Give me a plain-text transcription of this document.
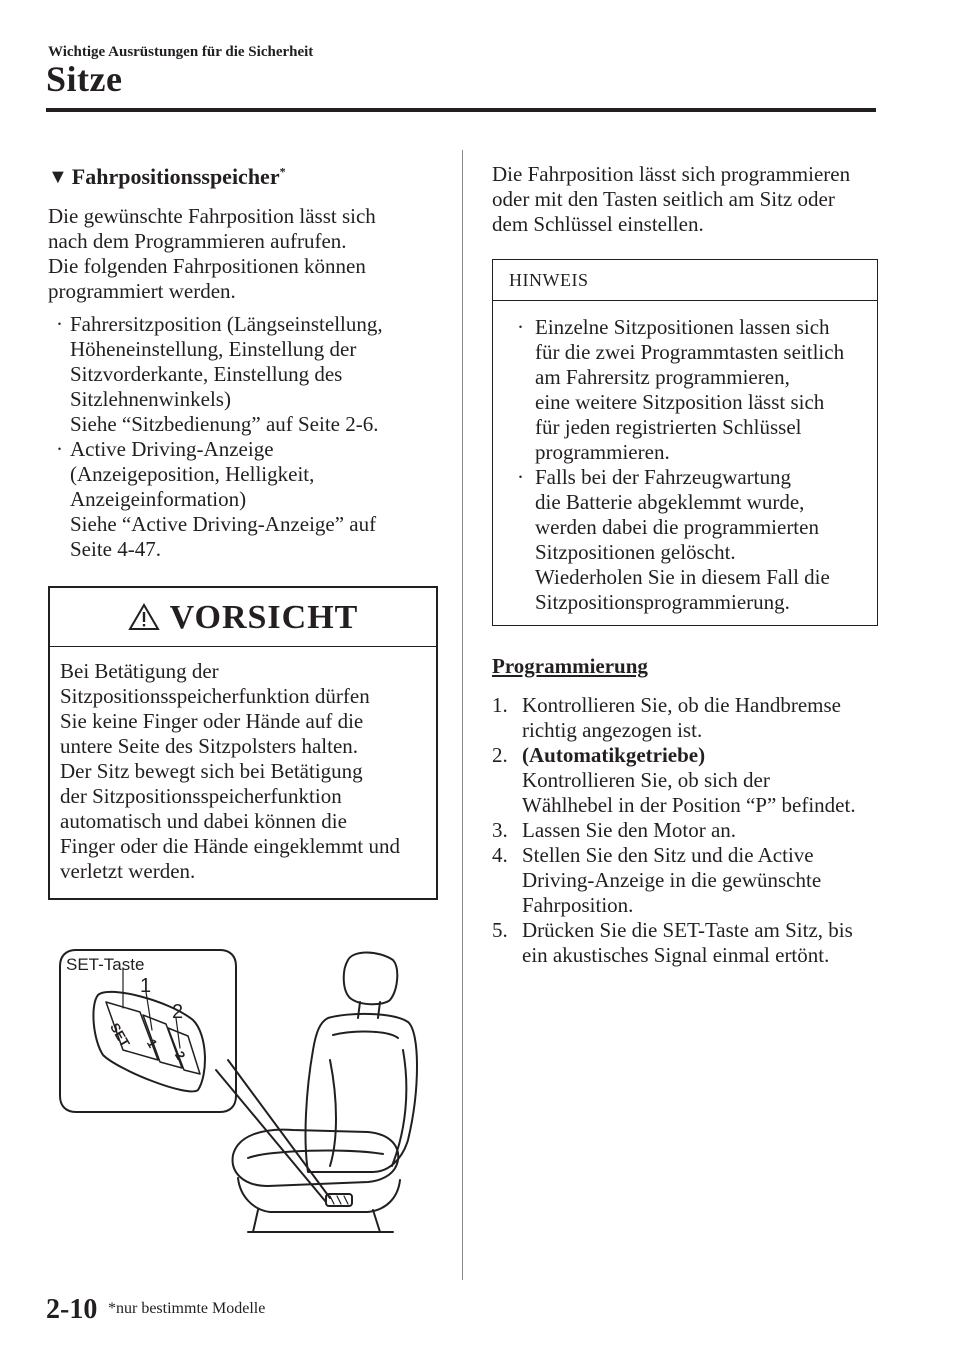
Wichtige Ausrüstungen für die Sicherheit
Sitze
▼ Fahrpositionsspeicher*

Die gewünschte Fahrposition lässt sich
nach dem Programmieren aufrufen.
Die folgenden Fahrpositionen können
programmiert werden.

· Fahrersitzposition (Längseinstellung,
Höheneinstellung, Einstellung der
Sitzvorderkante, Einstellung des
Sitzlehnenwinkels)
Siehe “Sitzbedienung” auf Seite 2-6.
· Active Driving-Anzeige
(Anzeigeposition, Helligkeit,
Anzeigeinformation)
Siehe “Active Driving-Anzeige” auf
Seite 4-47.
VORSICHT
Bei Betätigung der
Sitzpositionsspeicherfunktion dürfen
Sie keine Finger oder Hände auf die
untere Seite des Sitzpolsters halten.
Der Sitz bewegt sich bei Betätigung
der Sitzpositionsspeicherfunktion
automatisch und dabei können die
Finger oder die Hände eingeklemmt und
verletzt werden.
SET-Taste
1
2
SET 1
2

Die Fahrposition lässt sich programmieren
oder mit den Tasten seitlich am Sitz oder
dem Schlüssel einstellen.

HINWEIS
· Einzelne Sitzpositionen lassen sich
für die zwei Programmtasten seitlich
am Fahrersitz programmieren,
eine weitere Sitzposition lässt sich
für jeden registrierten Schlüssel
programmieren.
· Falls bei der Fahrzeugwartung
die Batterie abgeklemmt wurde,
werden dabei die programmierten
Sitzpositionen gelöscht.
Wiederholen Sie in diesem Fall die
Sitzpositionsprogrammierung.
Programmierung
1. Kontrollieren Sie, ob die Handbremse
richtig angezogen ist.
2. (Automatikgetriebe)
Kontrollieren Sie, ob sich der
Wählhebel in der Position “P” befindet.
3. Lassen Sie den Motor an.
4. Stellen Sie den Sitz und die Active
Driving-Anzeige in die gewünschte
Fahrposition.
5. Drücken Sie die SET-Taste am Sitz, bis
ein akustisches Signal einmal ertönt.
2-10 *nur bestimmte Modelle
